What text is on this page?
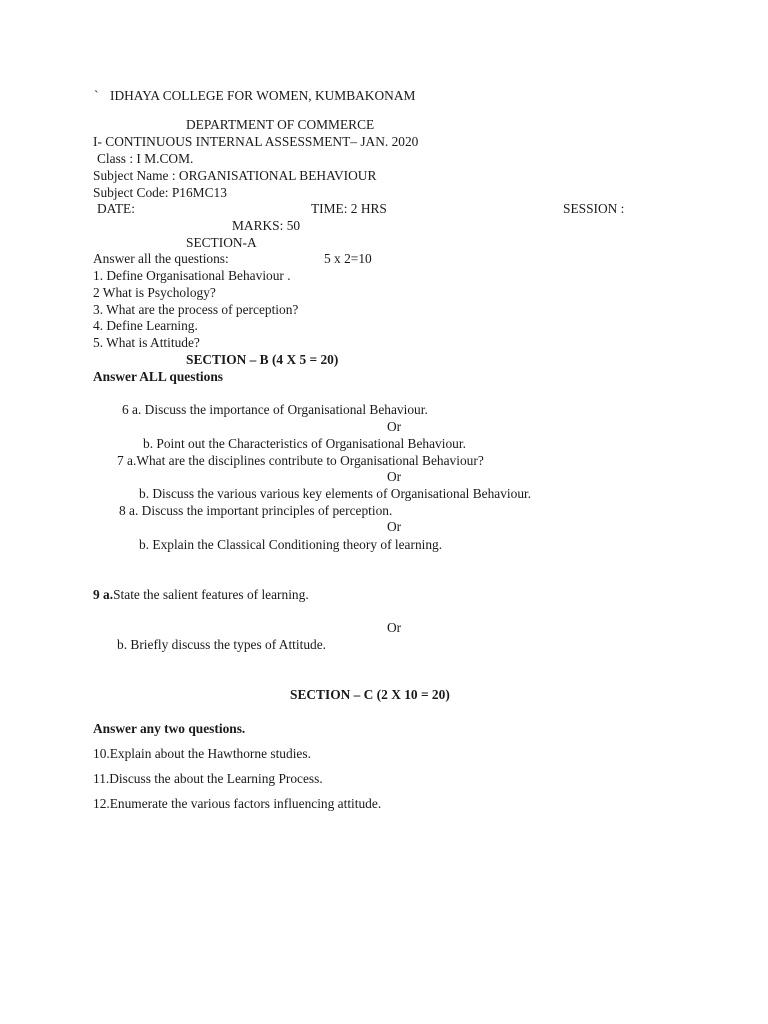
` IDHAYA COLLEGE FOR WOMEN, KUMBAKONAM
DEPARTMENT OF COMMERCE
I- CONTINUOUS INTERNAL ASSESSMENT– JAN. 2020
Class : I M.COM.
Subject Name : ORGANISATIONAL BEHAVIOUR
Subject Code: P16MC13
DATE:	TIME: 2 HRS	SESSION :
MARKS: 50
SECTION-A
Answer all the questions:	5 x 2=10
1. Define Organisational Behaviour .
2 What is Psychology?
3. What are the process of perception?
4. Define Learning.
5. What is Attitude?
SECTION – B (4 X 5 = 20)
Answer ALL questions
6 a. Discuss the importance of Organisational Behaviour.
Or
b. Point out the Characteristics of Organisational Behaviour.
7 a.What are the disciplines contribute to Organisational Behaviour?
Or
b. Discuss the various various key elements of Organisational Behaviour.
8 a. Discuss the important principles of perception.
Or
b. Explain the Classical Conditioning theory of learning.
9 a.State the salient features of learning.
Or
b. Briefly discuss the types of Attitude.
SECTION – C (2 X 10 = 20)
Answer any two questions.
10.Explain about the Hawthorne studies.
11.Discuss the about the Learning Process.
12.Enumerate the various factors influencing attitude.
